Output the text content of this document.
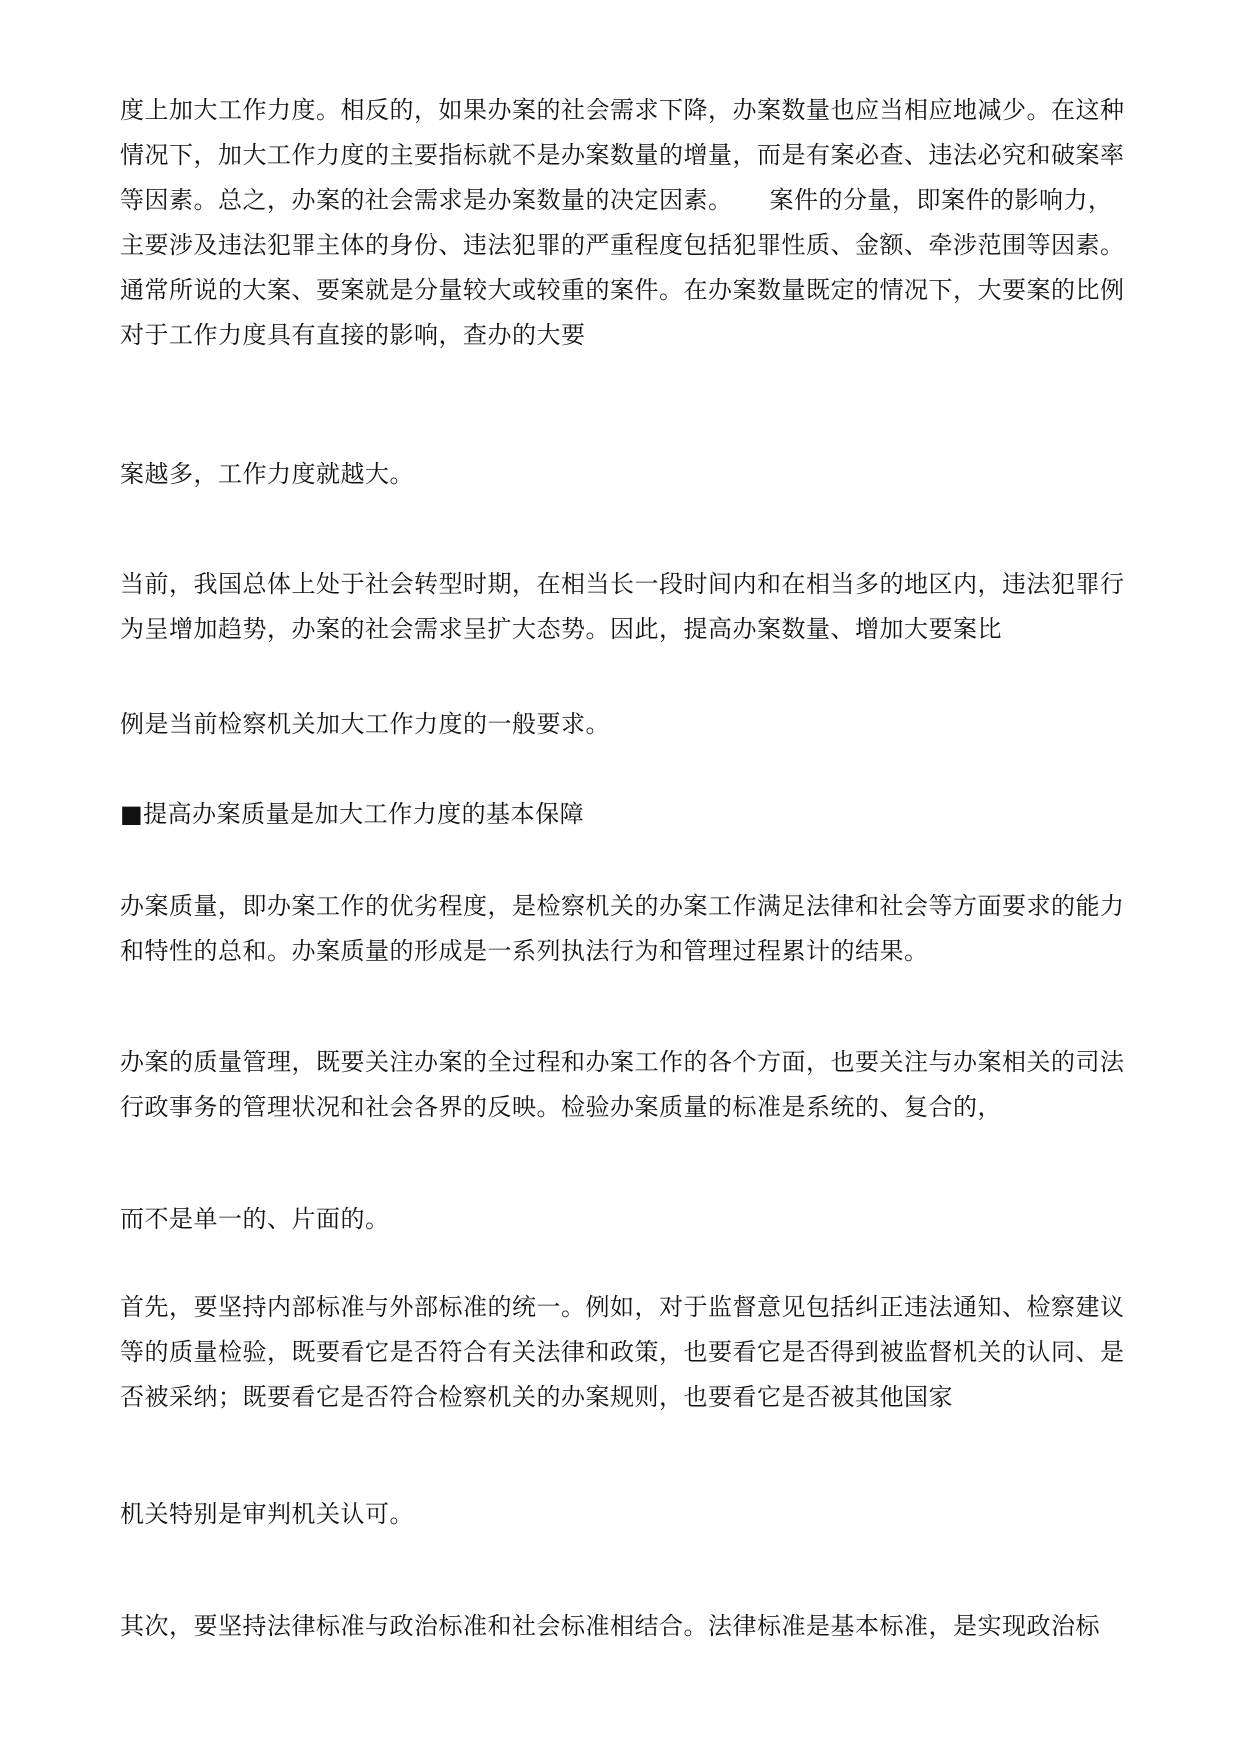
度上加大工作力度。相反的，如果办案的社会需求下降，办案数量也应当相应地减少。在这种情况下，加大工作力度的主要指标就不是办案数量的增量，而是有案必查、违法必究和破案率等因素。总之，办案的社会需求是办案数量的决定因素。　　案件的分量，即案件的影响力，主要涉及违法犯罪主体的身份、违法犯罪的严重程度包括犯罪性质、金额、牵涉范围等因素。通常所说的大案、要案就是分量较大或较重的案件。在办案数量既定的情况下，大要案的比例对于工作力度具有直接的影响，查办的大要
案越多，工作力度就越大。
当前，我国总体上处于社会转型时期，在相当长一段时间内和在相当多的地区内，违法犯罪行为呈增加趋势，办案的社会需求呈扩大态势。因此，提高办案数量、增加大要案比
例是当前检察机关加大工作力度的一般要求。
■提高办案质量是加大工作力度的基本保障
办案质量，即办案工作的优劣程度，是检察机关的办案工作满足法律和社会等方面要求的能力和特性的总和。办案质量的形成是一系列执法行为和管理过程累计的结果。
办案的质量管理，既要关注办案的全过程和办案工作的各个方面，也要关注与办案相关的司法行政事务的管理状况和社会各界的反映。检验办案质量的标准是系统的、复合的，
而不是单一的、片面的。
首先，要坚持内部标准与外部标准的统一。例如，对于监督意见包括纠正违法通知、检察建议等的质量检验，既要看它是否符合有关法律和政策，也要看它是否得到被监督机关的认同、是否被采纳；既要看它是否符合检察机关的办案规则，也要看它是否被其他国家
机关特别是审判机关认可。
其次，要坚持法律标准与政治标准和社会标准相结合。法律标准是基本标准，是实现政治标
